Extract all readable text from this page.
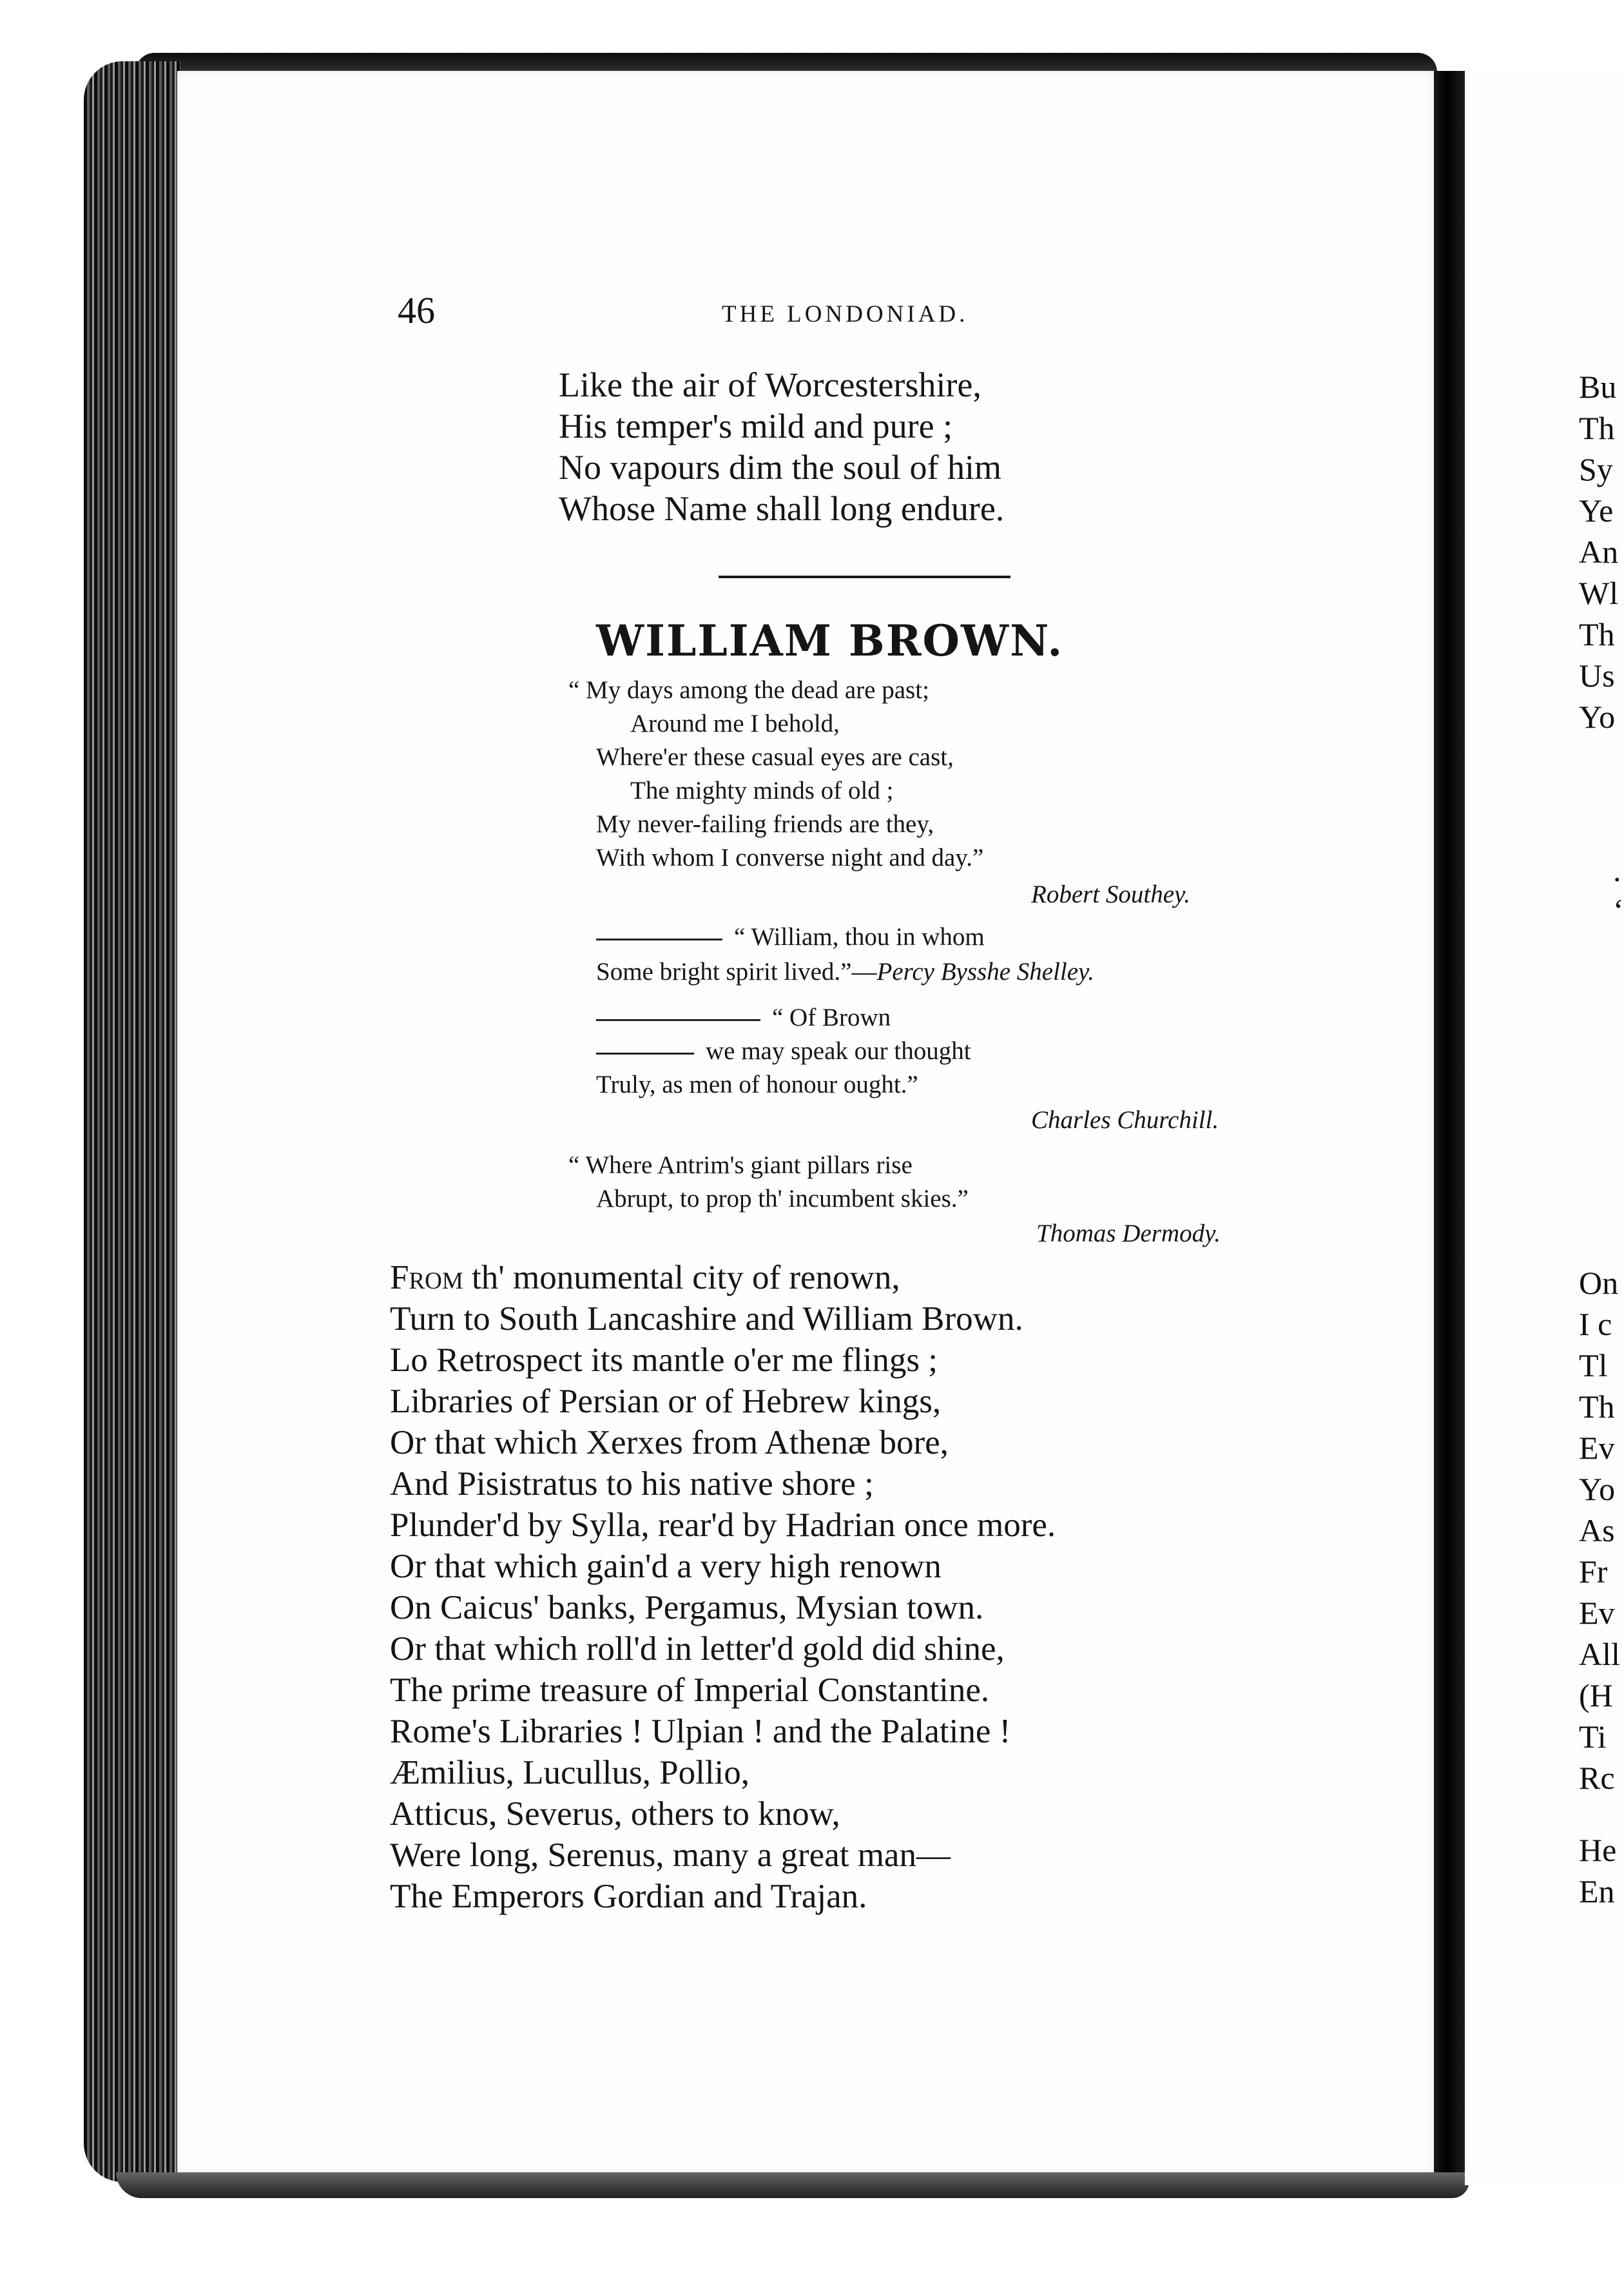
Bu
Th
Sy
Ye
An
Wl
Th
Us
Yo
.
‘
On
I c
Tl
Th
Ev
Yo
As
Fr
Ev
All
(H
Ti
Rc
He
En
46	THE LONDONIAD.
Like the air of Worcestershire,
His temper's mild and pure ;
No vapours dim the soul of him
Whose Name shall long endure.
WILLIAM BROWN.
“ My days among the dead are past;
Around me I behold,
Where'er these casual eyes are cast,
The mighty minds of old ;
My never-failing friends are they,
With whom I converse night and day.”
Robert Southey.
“ William, thou in whom
Some bright spirit lived.”—Percy Bysshe Shelley.
“ Of Brown
we may speak our thought
Truly, as men of honour ought.”
Charles Churchill.
“ Where Antrim's giant pillars rise
Abrupt, to prop th' incumbent skies.”
Thomas Dermody.
From th' monumental city of renown,
Turn to South Lancashire and William Brown.
Lo Retrospect its mantle o'er me flings ;
Libraries of Persian or of Hebrew kings,
Or that which Xerxes from Athenæ bore,
And Pisistratus to his native shore ;
Plunder'd by Sylla, rear'd by Hadrian once more.
Or that which gain'd a very high renown
On Caicus' banks, Pergamus, Mysian town.
Or that which roll'd in letter'd gold did shine,
The prime treasure of Imperial Constantine.
Rome's Libraries ! Ulpian ! and the Palatine !
Æmilius, Lucullus, Pollio,
Atticus, Severus, others to know,
Were long, Serenus, many a great man—
The Emperors Gordian and Trajan.
